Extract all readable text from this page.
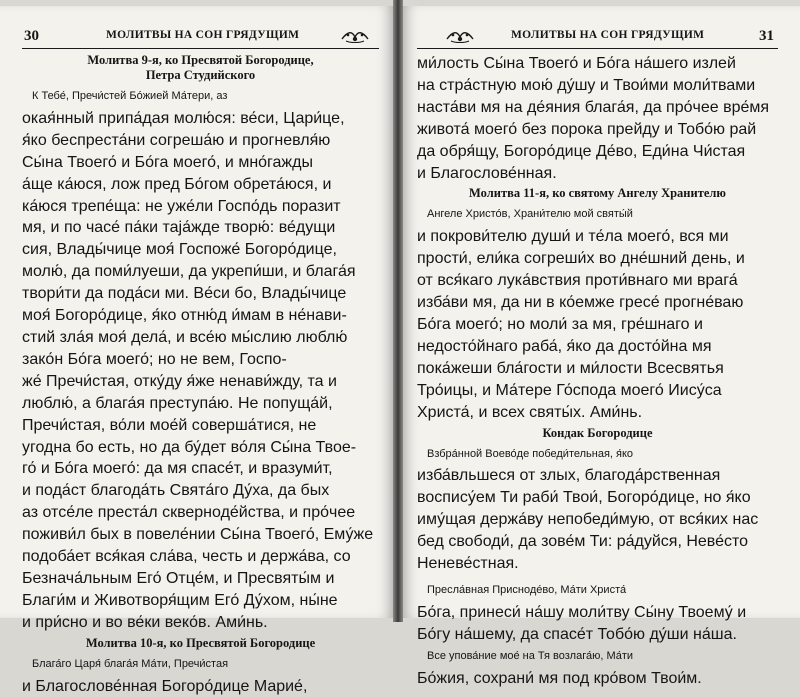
30	МОЛИТВЫ НА СОН ГРЯДУЩИМ
Молитва 9-я, ко Пресвятой Богородице,
Петра Студийского
К Тебе́, Пречи́стей Бо́жией Ма́тери, аз
окая́нный припа́дая молю́ся: ве́си, Цари́це,
я́ко беспреста́ни согреша́ю и прогневля́ю
Сы́на Твоего́ и Бо́га моего́, и мно́гажды
а́ще ка́юся, лож пред Бо́гом обрета́юся, и
ка́юся трепе́ща: не уже́ли Госпо́дь поразит
мя, и по часе́ па́ки таја́жде творю́: ве́дущи
сия, Влады́чице моя́ Госпоже́ Богоро́дице,
молю́, да поми́луеши, да укрепи́ши, и блага́я
твори́ти да пода́си ми. Ве́си бо, Влады́чице
моя́ Богоро́дице, я́ко отню́д и́мам в не́нави-
стий зла́я моя́ дела́, и все́ю мы́слию люблю́
зако́н Бо́га моего́; но не вем, Госпо-
же́ Пречи́стая, отку́ду я́же ненави́жду, та и
люблю́, а блага́я преступа́ю. Не попуща́й,
Пречи́стая, во́ли мое́й соверша́тися, не
угодна бо есть, но да бу́дет во́ля Сы́на Твое-
го́ и Бо́га моего́: да мя спасе́т, и вразуми́т,
и пода́ст благода́ть Свята́го Ду́ха, да бых
аз отсе́ле преста́л скверноде́йства, и про́чее
поживи́л бых в повеле́нии Сы́на Твоего́, Ему́же
подоба́ет вся́кая сла́ва, честь и держа́ва, со
Безнача́льным Его́ Отце́м, и Пресвяты́м и
Благи́м и Животворя́щим Его́ Ду́хом, ны́не
и при́сно и во ве́ки веко́в. Ами́нь.
Молитва 10-я, ко Пресвятой Богородице
Блага́го Царя́ блага́я Ма́ти, Пречи́стая
и Благослове́нная Богоро́дице Марие́,
МОЛИТВЫ НА СОН ГРЯДУЩИМ	31
ми́лость Сы́на Твоего́ и Бо́га на́шего излей
на стра́стную мою́ ду́шу и Твои́ми моли́твами
наста́ви мя на де́яния блага́я, да про́чее вре́мя
живота́ моего́ без порока прейду и Тобо́ю рай
да обря́щу, Богоро́дице Де́во, Еди́на Чи́стая
и Благослове́нная.
Молитва 11-я, ко святому Ангелу Хранителю
Ангеле Христо́в, Храни́телю мой святы́й
и покрови́телю души́ и те́ла моего́, вся ми
прости́, ели́ка согреши́х во дне́шний день, и
от вся́каго лука́вствия проти́внаго ми врага́
изба́ви мя, да ни в ко́емже гресе́ прогне́ваю
Бо́га моего́; но моли́ за мя, гре́шнаго и
недосто́йнаго раба́, я́ко да досто́йна мя
пока́жеши бла́гости и ми́лости Всесвятья
Тро́ицы, и Ма́тере Го́спода моего́ Иису́са
Христа́, и всех святы́х. Ами́нь.
Кондак Богородице
Взбра́нной Воево́де победи́тельная, я́ко
изба́вльшеся от злых, благода́рственная
воспису́ем Ти раби́ Твои́, Богоро́дице, но я́ко
иму́щая держа́ву непобеди́мую, от вся́ких нас
бед свободи́, да зове́м Ти: ра́дуйся, Неве́сто
Неневе́стная.
Пресла́вная Приснодéво, Ма́ти Христа́
Бо́га, принеси́ на́шу моли́тву Сы́ну Твоему́ и
Бо́гу на́шему, да спасе́т Тобо́ю ду́ши на́ша.
Все упова́ние мое́ на Тя возлага́ю, Ма́ти
Бо́жия, сохрани́ мя под кро́вом Твои́м.
